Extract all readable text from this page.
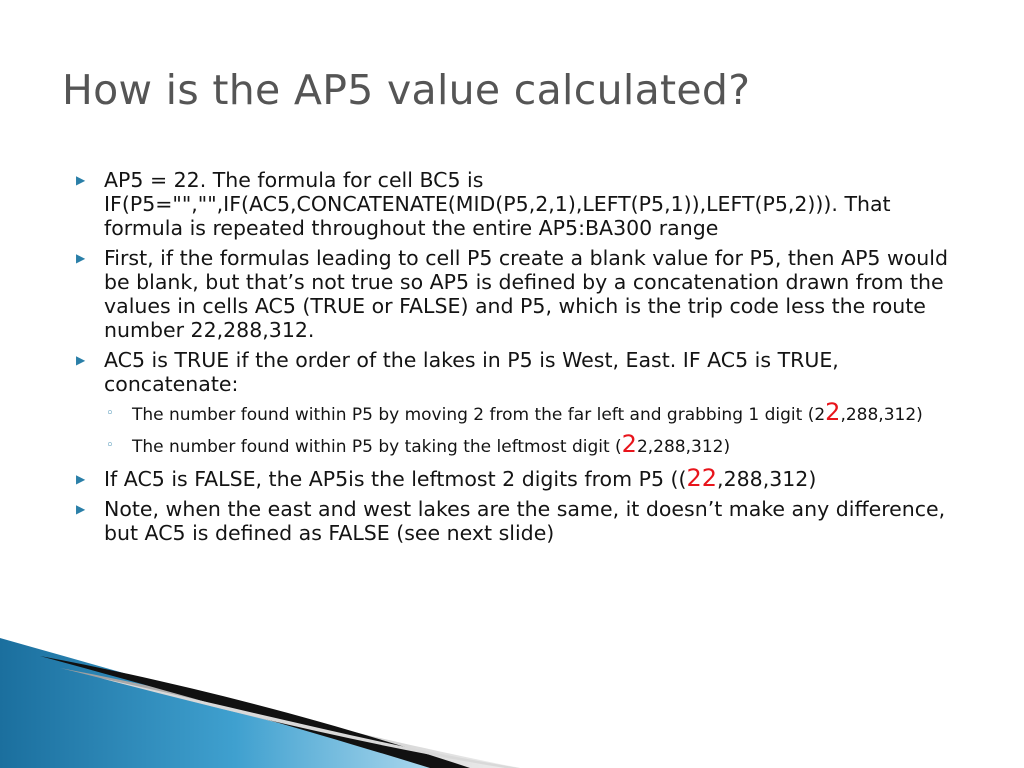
How is the AP5 value calculated?
▶ AP5 = 22. The formula for cell BC5 is IF(P5="","",IF(AC5,CONCATENATE(MID(P5,2,1),LEFT(P5,1)),LEFT(P5,2))). That formula is repeated throughout the entire AP5:BA300 range
▶ First, if the formulas leading to cell P5 create a blank value for P5, then AP5 would be blank, but that’s not true so AP5 is defined by a concatenation drawn from the values in cells AC5 (TRUE or FALSE) and P5, which is the trip code less the route number 22,288,312.
▶ AC5 is TRUE if the order of the lakes in P5 is West, East. IF AC5 is TRUE, concatenate:
◦ The number found within P5 by moving 2 from the far left and grabbing 1 digit (22,288,312)
◦ The number found within P5 by taking the leftmost digit (22,288,312)
▶ If AC5 is FALSE, the AP5is the leftmost 2 digits from P5 ((22,288,312)
▶ Note, when the east and west lakes are the same, it doesn’t make any difference, but AC5 is defined as FALSE (see next slide)
